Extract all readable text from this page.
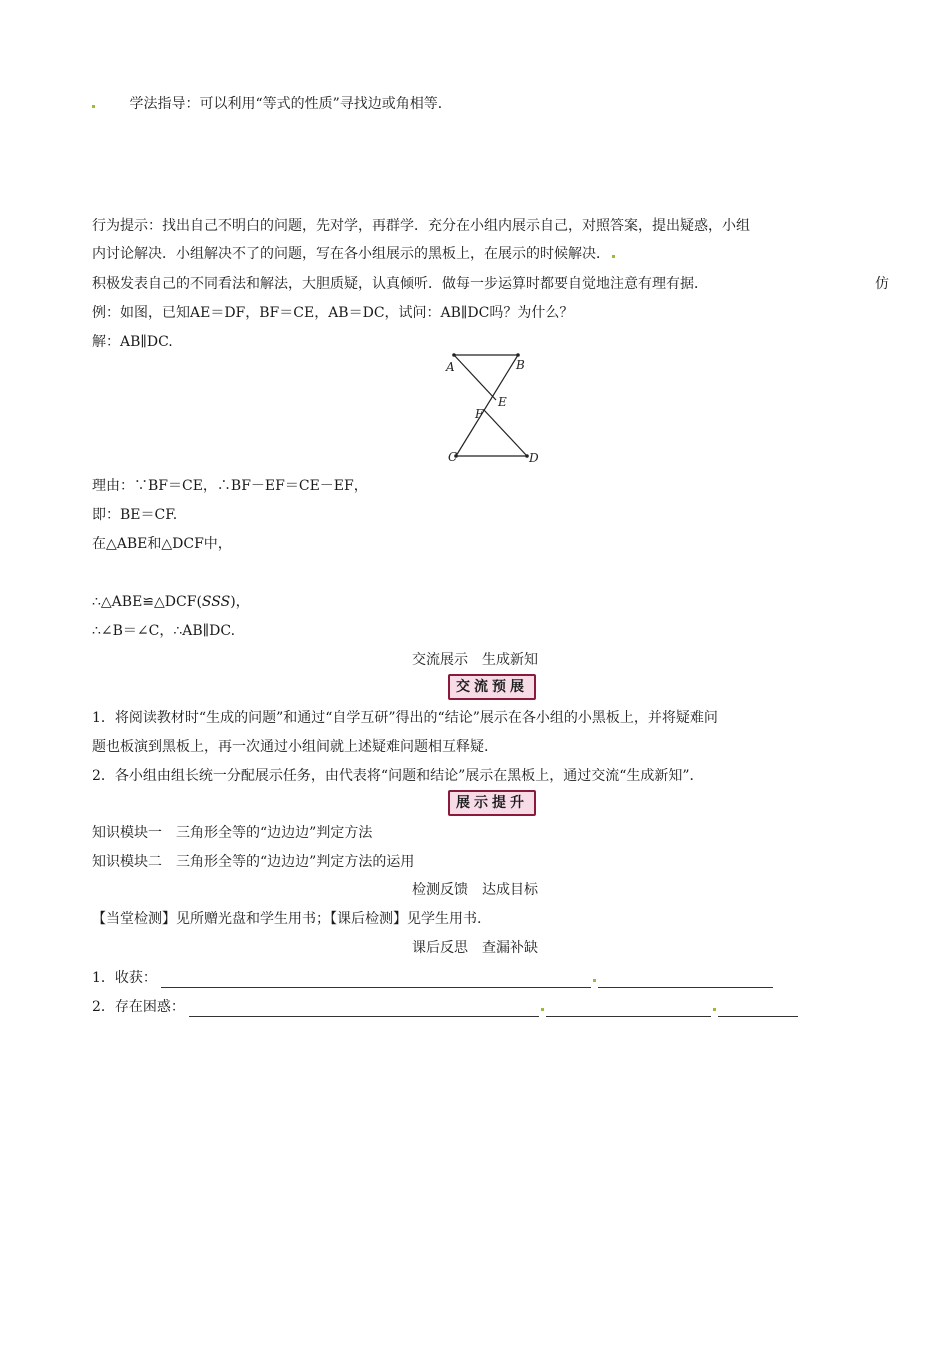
学法指导：可以利用“等式的性质”寻找边或角相等．
行为提示：找出自己不明白的问题，先对学，再群学．充分在小组内展示自己，对照答案，提出疑惑，小组
内讨论解决．小组解决不了的问题，写在各小组展示的黑板上，在展示的时候解决．
积极发表自己的不同看法和解法，大胆质疑，认真倾听．做每一步运算时都要自觉地注意有理有据．	仿
例：如图，已知AE＝DF，BF＝CE，AB＝DC，试问：AB∥DC吗？为什么？
解：AB∥DC.
A	B
E
F
C	D
理由：∵BF＝CE，∴BF－EF＝CE－EF，
即：BE＝CF.
在△ABE和△DCF中，
∴△ABE≌△DCF(SSS)，
∴∠B＝∠C，∴AB∥DC.
交流展示　生成新知
交流预展
1．将阅读教材时“生成的问题”和通过“自学互研”得出的“结论”展示在各小组的小黑板上，并将疑难问
题也板演到黑板上，再一次通过小组间就上述疑难问题相互释疑.
2．各小组由组长统一分配展示任务，由代表将“问题和结论”展示在黑板上，通过交流“生成新知”．
展示提升
知识模块一　三角形全等的“边边边”判定方法
知识模块二　三角形全等的“边边边”判定方法的运用
检测反馈　达成目标
【当堂检测】见所赠光盘和学生用书；【课后检测】见学生用书.
课后反思　查漏补缺
1．收获：
2．存在困惑：
